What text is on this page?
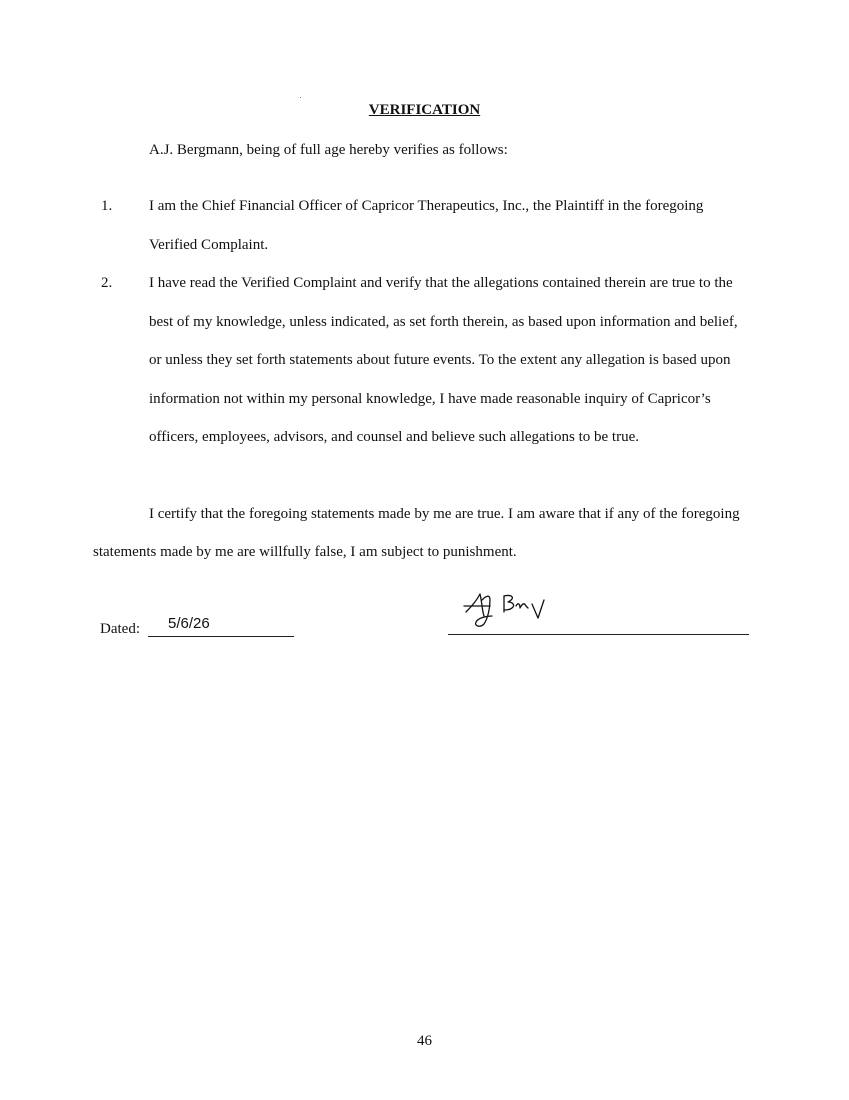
VERIFICATION
A.J. Bergmann, being of full age hereby verifies as follows:
1. I am the Chief Financial Officer of Capricor Therapeutics, Inc., the Plaintiff in the foregoing Verified Complaint.
2. I have read the Verified Complaint and verify that the allegations contained therein are true to the best of my knowledge, unless indicated, as set forth therein, as based upon information and belief, or unless they set forth statements about future events. To the extent any allegation is based upon information not within my personal knowledge, I have made reasonable inquiry of Capricor’s officers, employees, advisors, and counsel and believe such allegations to be true.
I certify that the foregoing statements made by me are true. I am aware that if any of the foregoing statements made by me are willfully false, I am subject to punishment.
Dated: 5/6/26
46
